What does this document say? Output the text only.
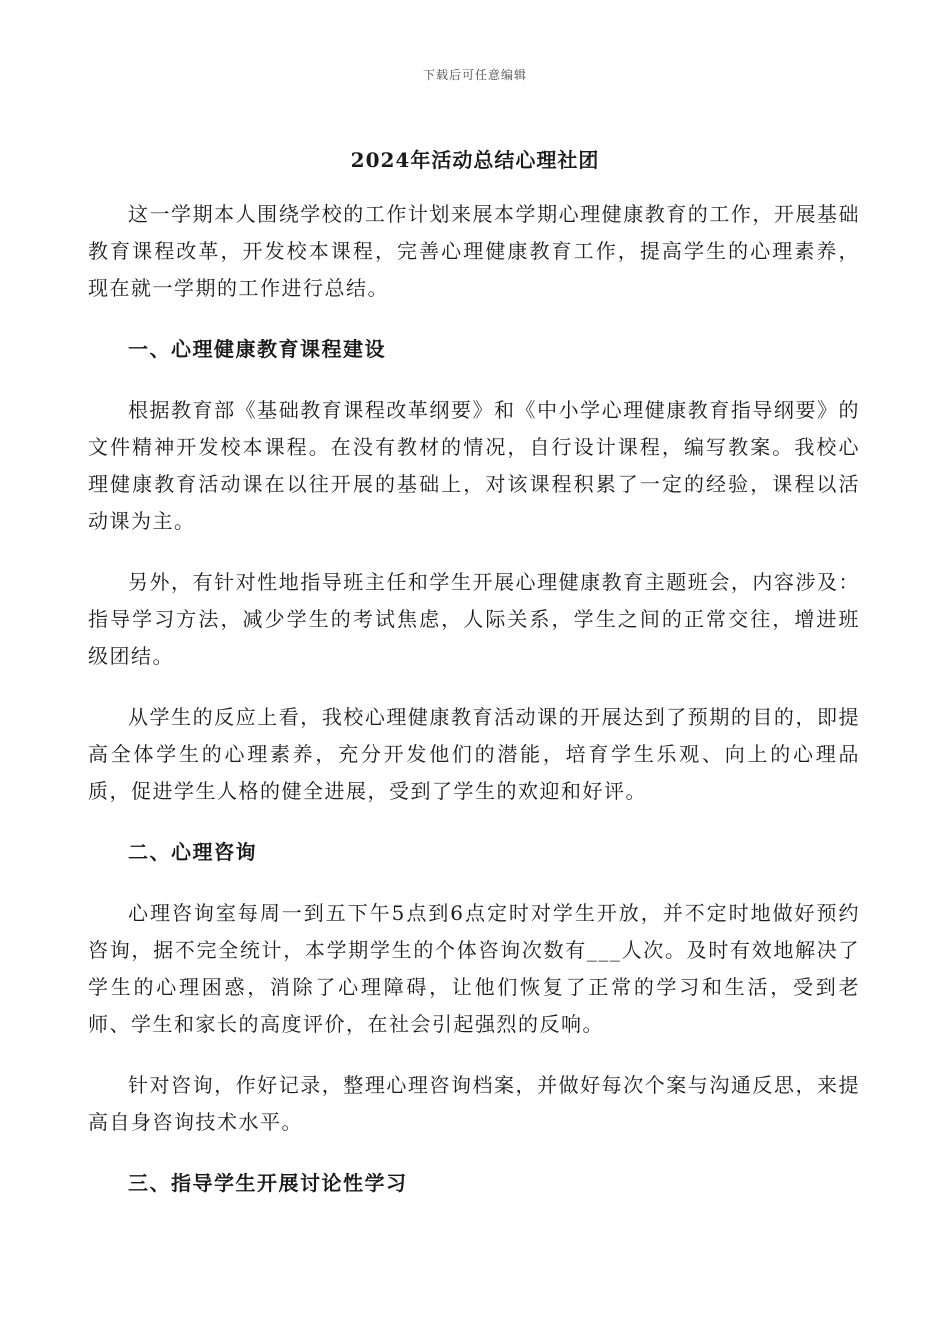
下载后可任意编辑
2024年活动总结心理社团

这一学期本人围绕学校的工作计划来展本学期心理健康教育的工作，开展基础教育课程改革，开发校本课程，完善心理健康教育工作，提高学生的心理素养，现在就一学期的工作进行总结。

一、心理健康教育课程建设

根据教育部《基础教育课程改革纲要》和《中小学心理健康教育指导纲要》的文件精神开发校本课程。在没有教材的情况，自行设计课程，编写教案。我校心理健康教育活动课在以往开展的基础上，对该课程积累了一定的经验，课程以活动课为主。

另外，有针对性地指导班主任和学生开展心理健康教育主题班会，内容涉及：指导学习方法，减少学生的考试焦虑，人际关系，学生之间的正常交往，增进班级团结。

从学生的反应上看，我校心理健康教育活动课的开展达到了预期的目的，即提高全体学生的心理素养，充分开发他们的潜能，培育学生乐观、向上的心理品质，促进学生人格的健全进展，受到了学生的欢迎和好评。

二、心理咨询

心理咨询室每周一到五下午5点到6点定时对学生开放，并不定时地做好预约咨询，据不完全统计，本学期学生的个体咨询次数有___人次。及时有效地解决了学生的心理困惑，消除了心理障碍，让他们恢复了正常的学习和生活，受到老师、学生和家长的高度评价，在社会引起强烈的反响。

针对咨询，作好记录，整理心理咨询档案，并做好每次个案与沟通反思，来提高自身咨询技术水平。

三、指导学生开展讨论性学习
